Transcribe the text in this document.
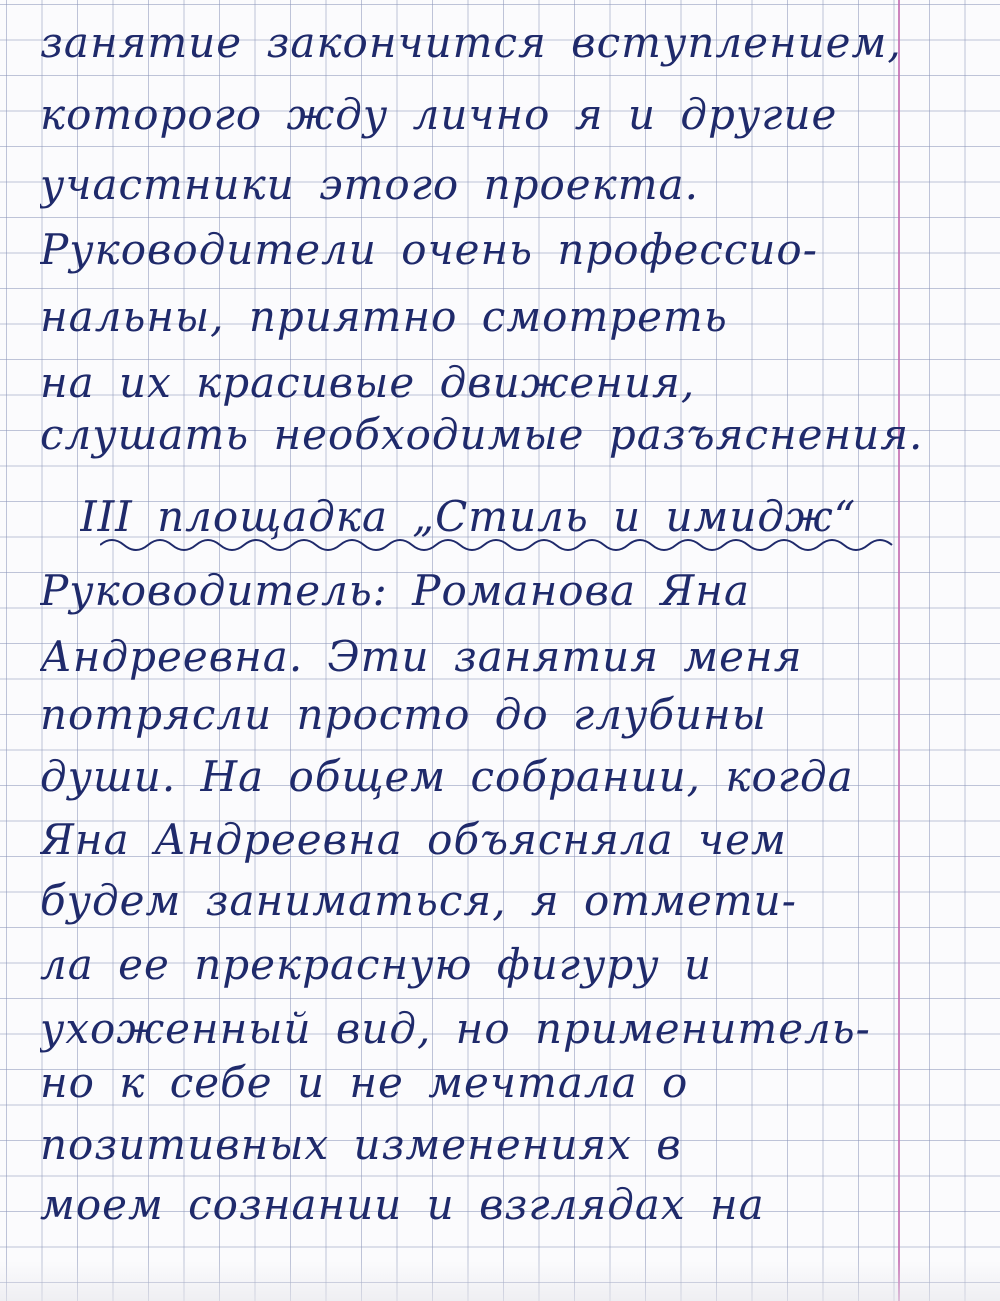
занятие закончится вступлением,
которого жду лично я и другие
участники этого проекта.
Руководители очень профессио-
нальны, приятно смотреть
на их красивые движения,
слушать необходимые разъяснения.
III площадка „Стиль и имидж“
Руководитель: Романова Яна
Андреевна. Эти занятия меня
потрясли просто до глубины
души. На общем собрании, когда
Яна Андреевна объясняла чем
будем заниматься, я отмети-
ла ее прекрасную фигуру и
ухоженный вид, но применитель-
но к себе и не мечтала о
позитивных изменениях в
моем сознании и взглядах на
